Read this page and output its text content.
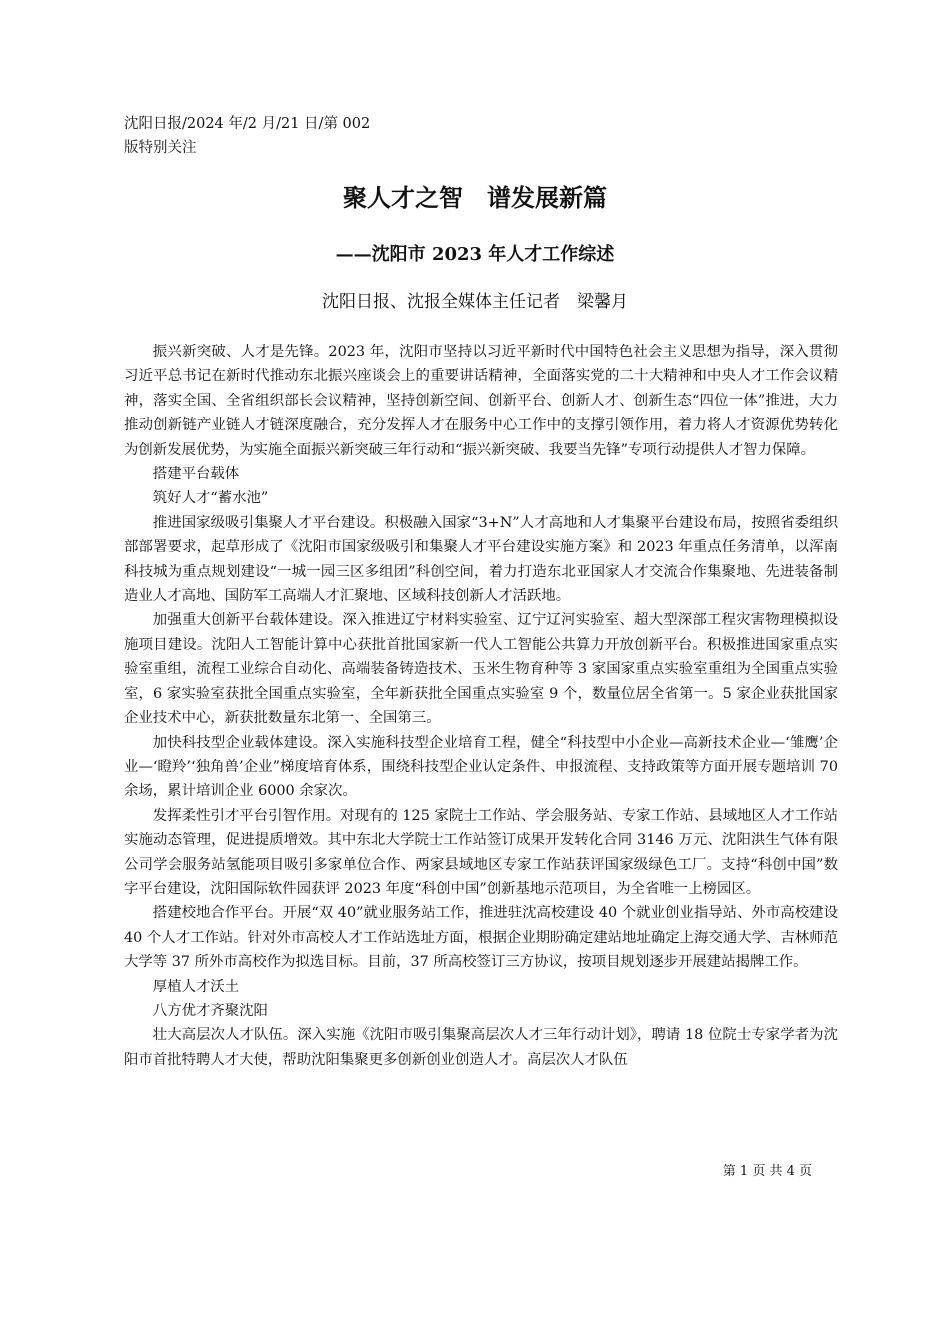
沈阳日报/2024 年/2 月/21 日/第 002
版特别关注
聚人才之智　谱发展新篇
——沈阳市 2023 年人才工作综述
沈阳日报、沈报全媒体主任记者　梁馨月

振兴新突破、人才是先锋。2023 年，沈阳市坚持以习近平新时代中国特色社会主义思想为指导，深入贯彻习近平总书记在新时代推动东北振兴座谈会上的重要讲话精神，全面落实党的二十大精神和中央人才工作会议精神，落实全国、全省组织部长会议精神，坚持创新空间、创新平台、创新人才、创新生态“四位一体”推进，大力推动创新链产业链人才链深度融合，充分发挥人才在服务中心工作中的支撑引领作用，着力将人才资源优势转化为创新发展优势，为实施全面振兴新突破三年行动和“振兴新突破、我要当先锋”专项行动提供人才智力保障。

搭建平台载体

筑好人才“蓄水池”

推进国家级吸引集聚人才平台建设。积极融入国家“3+N”人才高地和人才集聚平台建设布局，按照省委组织部部署要求，起草形成了《沈阳市国家级吸引和集聚人才平台建设实施方案》和 2023 年重点任务清单，以浑南科技城为重点规划建设“一城一园三区多组团”科创空间，着力打造东北亚国家人才交流合作集聚地、先进装备制造业人才高地、国防军工高端人才汇聚地、区域科技创新人才活跃地。

加强重大创新平台载体建设。深入推进辽宁材料实验室、辽宁辽河实验室、超大型深部工程灾害物理模拟设施项目建设。沈阳人工智能计算中心获批首批国家新一代人工智能公共算力开放创新平台。积极推进国家重点实验室重组，流程工业综合自动化、高端装备铸造技术、玉米生物育种等 3 家国家重点实验室重组为全国重点实验室，6 家实验室获批全国重点实验室，全年新获批全国重点实验室 9 个，数量位居全省第一。5 家企业获批国家企业技术中心，新获批数量东北第一、全国第三。

加快科技型企业载体建设。深入实施科技型企业培育工程，健全“科技型中小企业—高新技术企业—‘雏鹰’企业—‘瞪羚’‘独角兽’企业”梯度培育体系，围绕科技型企业认定条件、申报流程、支持政策等方面开展专题培训 70 余场，累计培训企业 6000 余家次。

发挥柔性引才平台引智作用。对现有的 125 家院士工作站、学会服务站、专家工作站、县域地区人才工作站实施动态管理，促进提质增效。其中东北大学院士工作站签订成果开发转化合同 3146 万元、沈阳洪生气体有限公司学会服务站氢能项目吸引多家单位合作、两家县域地区专家工作站获评国家级绿色工厂。支持“科创中国”数字平台建设，沈阳国际软件园获评 2023 年度“科创中国”创新基地示范项目，为全省唯一上榜园区。

搭建校地合作平台。开展“双 40”就业服务站工作，推进驻沈高校建设 40 个就业创业指导站、外市高校建设 40 个人才工作站。针对外市高校人才工作站选址方面，根据企业期盼确定建站地址确定上海交通大学、吉林师范大学等 37 所外市高校作为拟选目标。目前，37 所高校签订三方协议，按项目规划逐步开展建站揭牌工作。

厚植人才沃土

八方优才齐聚沈阳

壮大高层次人才队伍。深入实施《沈阳市吸引集聚高层次人才三年行动计划》，聘请 18 位院士专家学者为沈阳市首批特聘人才大使，帮助沈阳集聚更多创新创业创造人才。高层次人才队伍

第 1 页 共 4 页
